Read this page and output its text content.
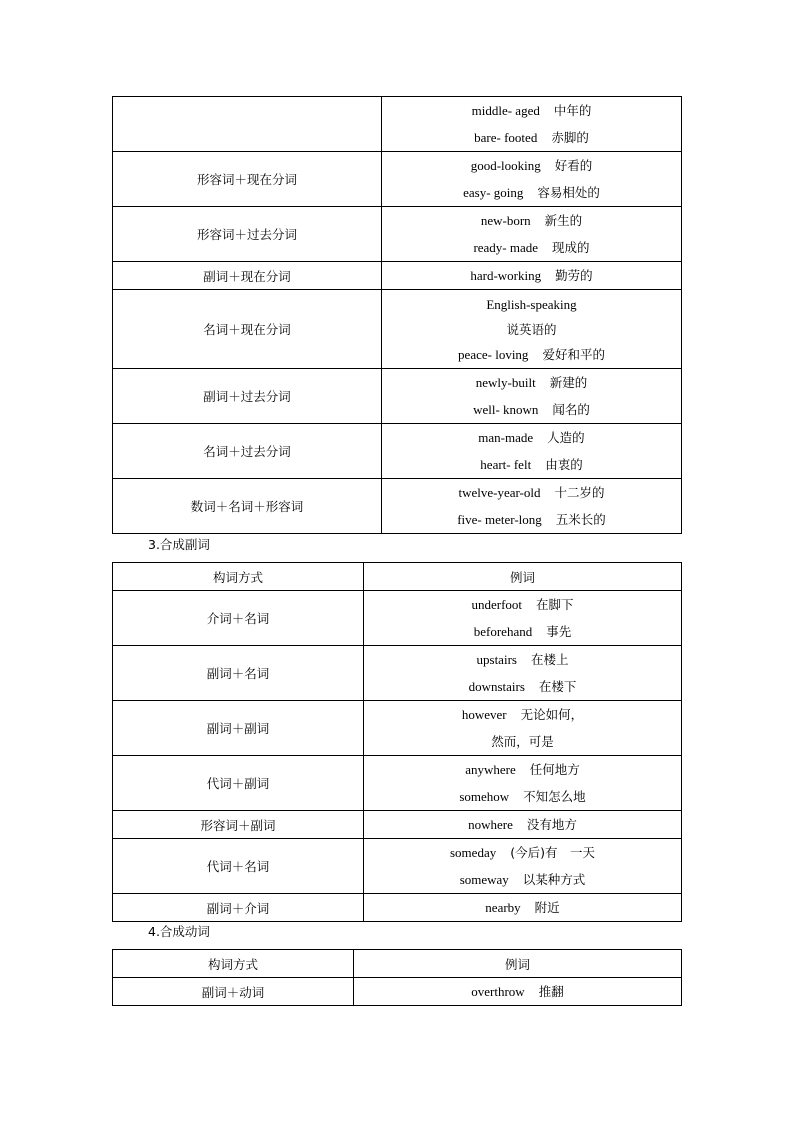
	middle- aged 中年的
bare- footed 赤脚的

形容词＋现在分词	good-looking 好看的
easy- going 容易相处的

形容词＋过去分词	new-born 新生的
ready- made 现成的

副词＋现在分词	hard-working 勤劳的

名词＋现在分词	English-speaking
说英语的
peace- loving 爱好和平的

副词＋过去分词	newly-built 新建的
well- known 闻名的

名词＋过去分词	man-made 人造的
heart- felt 由衷的

数词＋名词＋形容词	twelve-year-old 十二岁的
five- meter-long 五米长的
3.合成副词
构词方式	例词
介词＋名词	underfoot 在脚下
beforehand 事先

副词＋名词	upstairs 在楼上
downstairs 在楼下

副词＋副词	however 无论如何，
然而，可是

代词＋副词	anywhere 任何地方
somehow 不知怎么地

形容词＋副词	nowhere 没有地方

代词＋名词	someday (今后)有　一天
someway 以某种方式

副词＋介词	nearby 附近
4.合成动词
构词方式	例词
副词＋动词	overthrow 推翻
